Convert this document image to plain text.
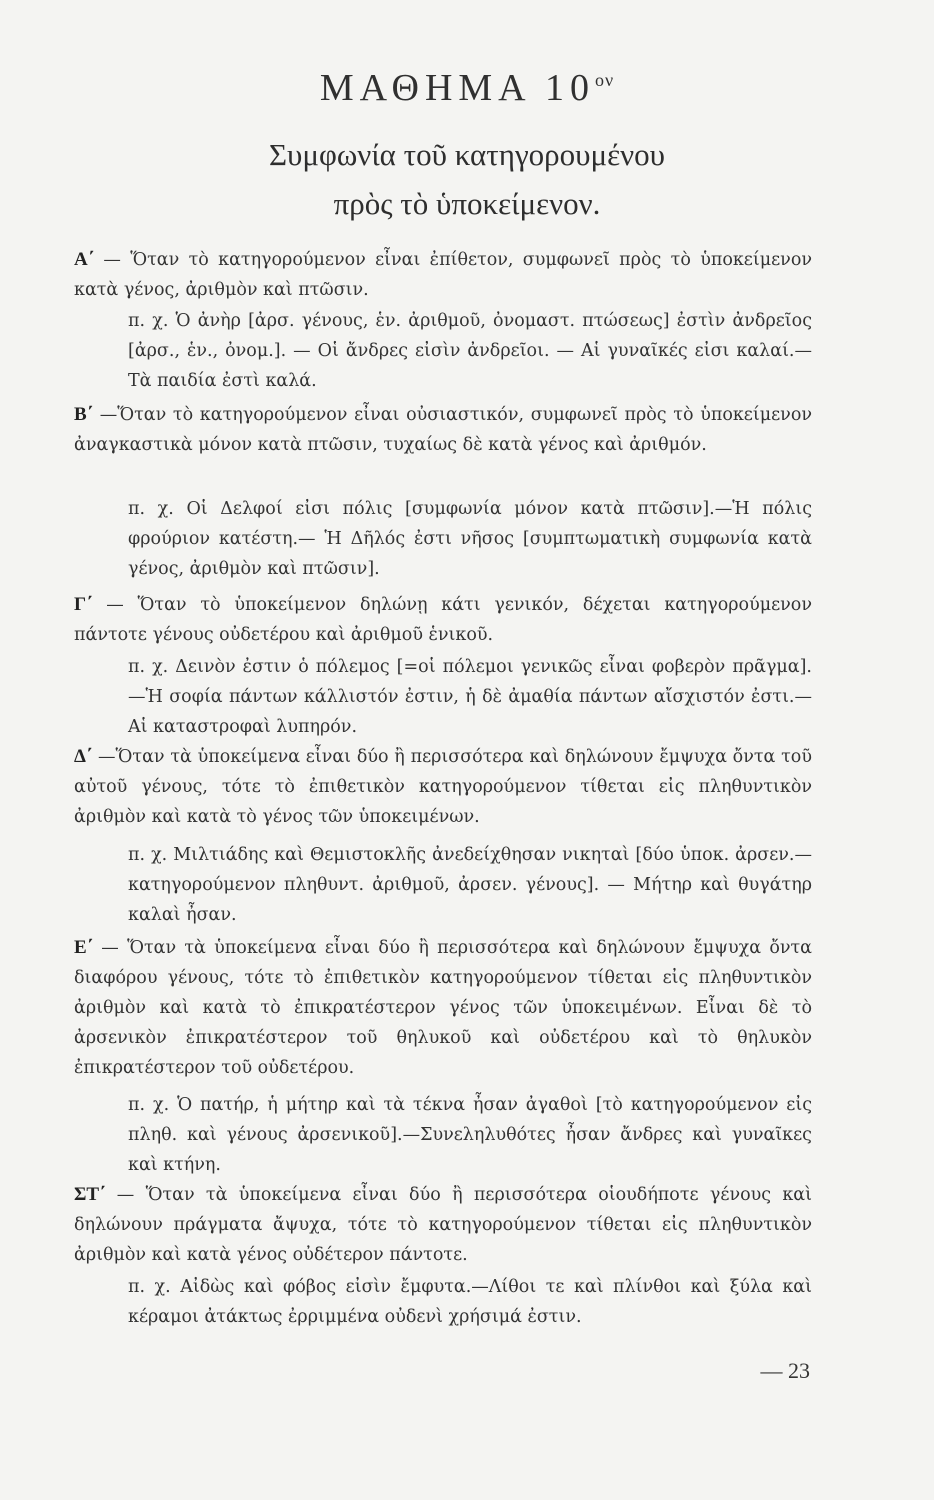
ΜΑΘΗΜΑ $10^{o\nu}$
Συμφωνία τοῦ κατηγορουμένου
πρὸς τὸ ὑποκείμενον.
Α΄ — Ὅταν τὸ κατηγορούμενον εἶναι ἐπίθετον, συμφωνεῖ πρὸς τὸ ὑποκείμενον κατὰ γένος, ἀριθμὸν καὶ πτῶσιν.
π. χ. Ὁ ἀνὴρ [ἀρσ. γένους, ἑν. ἀριθμοῦ, ὀνομαστ. πτώσεως] ἐστὶν ἀνδρεῖος [ἀρσ., ἑν., ὀνομ.]. — Οἱ ἄνδρες εἰσὶν ἀνδρεῖοι. — Αἱ γυναῖκές εἰσι καλαί.—Τὰ παιδία ἐστὶ καλά.
Β΄ —Ὅταν τὸ κατηγορούμενον εἶναι οὐσιαστικόν, συμφωνεῖ πρὸς τὸ ὑποκείμενον ἀναγκαστικὰ μόνον κατὰ πτῶσιν, τυχαίως δὲ κατὰ γένος καὶ ἀριθμόν.
π. χ. Οἱ Δελφοί εἰσι πόλις [συμφωνία μόνον κατὰ πτῶσιν].—Ἡ πόλις φρούριον κατέστη.— Ἡ Δῆλός ἐστι νῆσος [συμπτωματικὴ συμφωνία κατὰ γένος, ἀριθμὸν καὶ πτῶσιν].
Γ΄ — Ὅταν τὸ ὑποκείμενον δηλώνῃ κάτι γενικόν, δέχεται κατηγορούμενον πάντοτε γένους οὐδετέρου καὶ ἀριθμοῦ ἑνικοῦ.
π. χ. Δεινὸν ἐστιν ὁ πόλεμος [=οἱ πόλεμοι γενικῶς εἶναι φοβερὸν πρᾶγμα].—Ἡ σοφία πάντων κάλλιστόν ἐστιν, ἡ δὲ ἀμαθία πάντων αἴσχιστόν ἐστι.—Αἱ καταστροφαὶ λυπηρόν.
Δ΄ —Ὅταν τὰ ὑποκείμενα εἶναι δύο ἢ περισσότερα καὶ δηλώνουν ἔμψυχα ὄντα τοῦ αὐτοῦ γένους, τότε τὸ ἐπιθετικὸν κατηγορούμενον τίθεται εἰς πληθυντικὸν ἀριθμὸν καὶ κατὰ τὸ γένος τῶν ὑποκειμένων.
π. χ. Μιλτιάδης καὶ Θεμιστοκλῆς ἀνεδείχθησαν νικηταὶ [δύο ὑποκ. ἀρσεν.—κατηγορούμενον πληθυντ. ἀριθμοῦ, ἀρσεν. γένους]. — Μήτηρ καὶ θυγάτηρ καλαὶ ἦσαν.
Ε΄ — Ὅταν τὰ ὑποκείμενα εἶναι δύο ἢ περισσότερα καὶ δηλώνουν ἔμψυχα ὄντα διαφόρου γένους, τότε τὸ ἐπιθετικὸν κατηγορούμενον τίθεται εἰς πληθυντικὸν ἀριθμὸν καὶ κατὰ τὸ ἐπικρατέστερον γένος τῶν ὑποκειμένων. Εἶναι δὲ τὸ ἀρσενικὸν ἐπικρατέστερον τοῦ θηλυκοῦ καὶ οὐδετέρου καὶ τὸ θηλυκὸν ἐπικρατέστερον τοῦ οὐδετέρου.
π. χ. Ὁ πατήρ, ἡ μήτηρ καὶ τὰ τέκνα ἦσαν ἀγαθοὶ [τὸ κατηγορούμενον εἰς πληθ. καὶ γένους ἀρσενικοῦ].—Συνεληλυθότες ἦσαν ἄνδρες καὶ γυναῖκες καὶ κτήνη.
ΣΤ΄ — Ὅταν τὰ ὑποκείμενα εἶναι δύο ἢ περισσότερα οἱουδήποτε γένους καὶ δηλώνουν πράγματα ἄψυχα, τότε τὸ κατηγορούμενον τίθεται εἰς πληθυντικὸν ἀριθμὸν καὶ κατὰ γένος οὐδέτερον πάντοτε.
π. χ. Αἰδὼς καὶ φόβος εἰσὶν ἔμφυτα.—Λίθοι τε καὶ πλίνθοι καὶ ξύλα καὶ κέραμοι ἀτάκτως ἐρριμμένα οὐδενὶ χρήσιμά ἐστιν.
— 23
